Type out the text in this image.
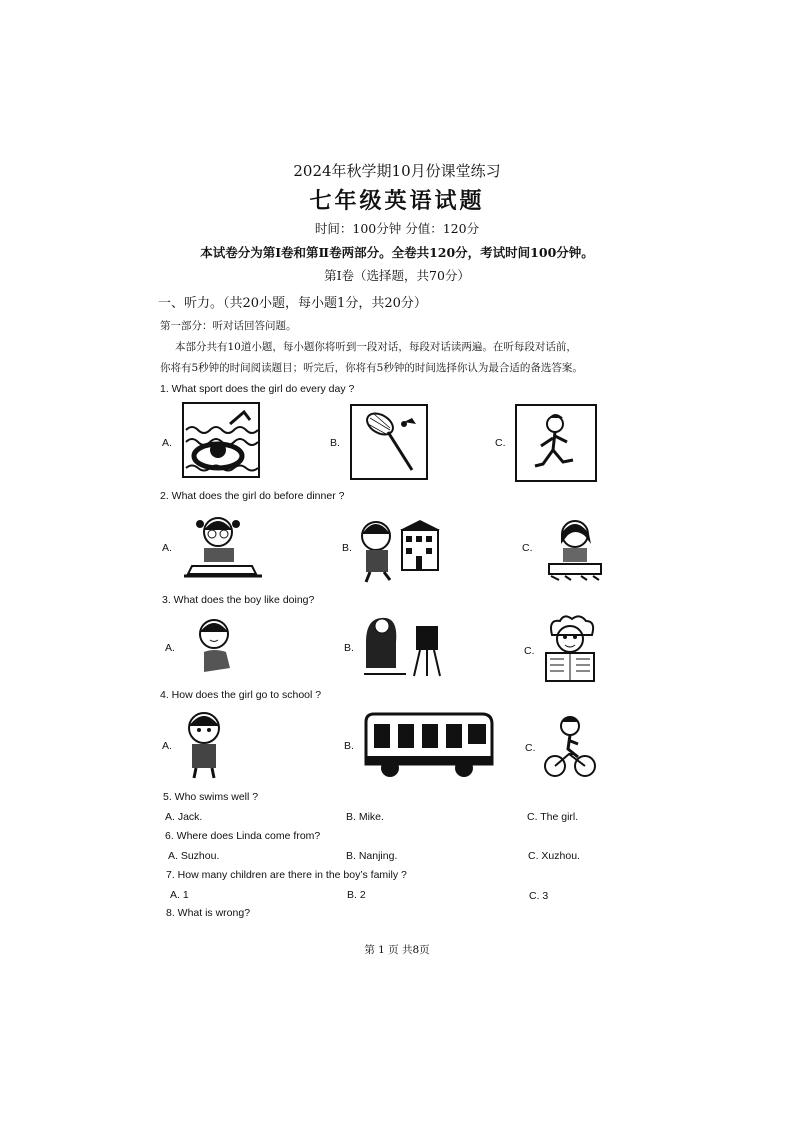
2024年秋学期10月份课堂练习
七年级英语试题
时间：100分钟 分值：120分
本试卷分为第Ⅰ卷和第Ⅱ卷两部分。全卷共120分，考试时间100分钟。
第Ⅰ卷（选择题，共70分）
一、听力。（共20小题，每小题1分，共20分）
第一部分：听对话回答问题。
本部分共有10道小题，每小题你将听到一段对话，每段对话读两遍。在听每段对话前，
你将有5秒钟的时间阅读题目；听完后，你将有5秒钟的时间选择你认为最合适的备选答案。
1. What sport does the girl do every day ?
A.	B.	C.
2. What does the girl do before dinner ?
A.	B.	C.
3. What does the boy like doing?
A.	B.	C.
4. How does the girl go to school ?
A.	B.	C.
5. Who swims well ?
A. Jack.	B. Mike.	C. The girl.
6. Where does Linda come from?
A. Suzhou.	B. Nanjing.	C. Xuzhou.
7. How many children are there in the boy’s family ?
A. 1	B. 2	C. 3
8. What is wrong?
第 1 页 共8页
